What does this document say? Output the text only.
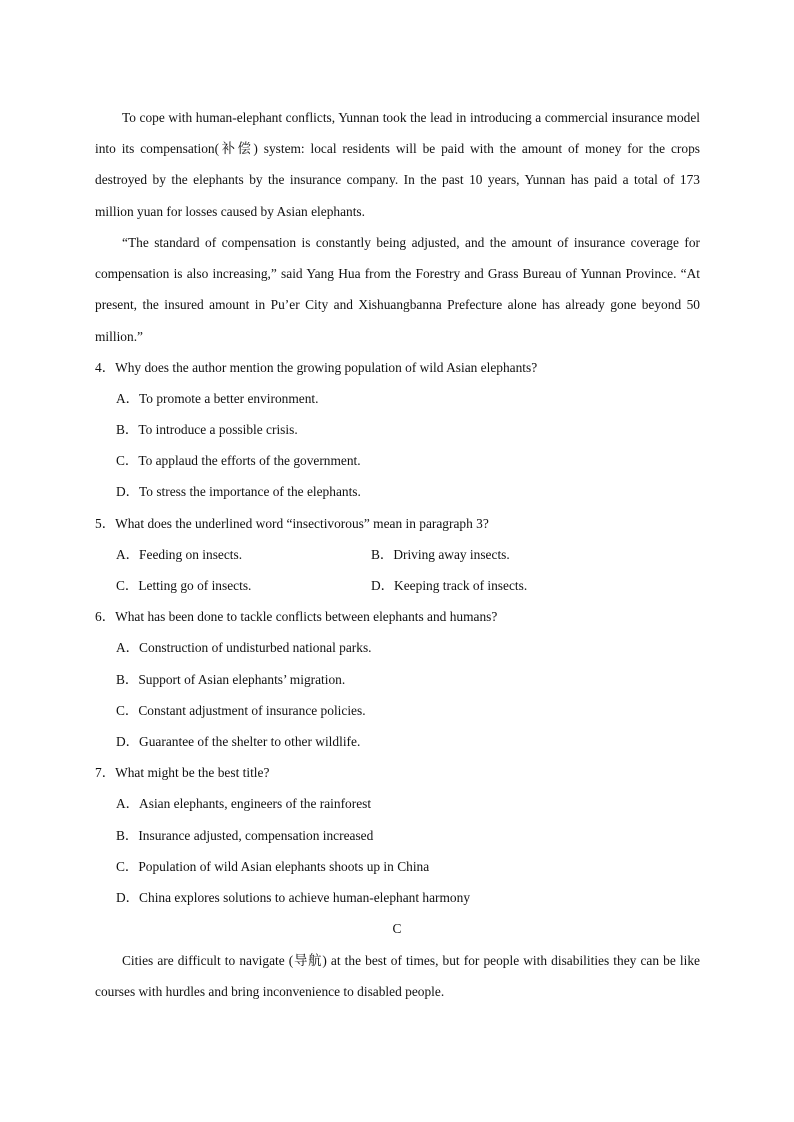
To cope with human-elephant conflicts, Yunnan took the lead in introducing a commercial insurance model into its compensation(补偿) system: local residents will be paid with the amount of money for the crops destroyed by the elephants by the insurance company. In the past 10 years, Yunnan has paid a total of 173 million yuan for losses caused by Asian elephants.

“The standard of compensation is constantly being adjusted, and the amount of insurance coverage for compensation is also increasing,” said Yang Hua from the Forestry and Grass Bureau of Yunnan Province. “At present, the insured amount in Pu’er City and Xishuangbanna Prefecture alone has already gone beyond 50 million.”

4．Why does the author mention the growing population of wild Asian elephants?
A．To promote a better environment.
B．To introduce a possible crisis.
C．To applaud the efforts of the government.
D．To stress the importance of the elephants.
5．What does the underlined word “insectivorous” mean in paragraph 3?
A．Feeding on insects.	B．Driving away insects.
C．Letting go of insects.	D．Keeping track of insects.
6．What has been done to tackle conflicts between elephants and humans?
A．Construction of undisturbed national parks.
B．Support of Asian elephants’ migration.
C．Constant adjustment of insurance policies.
D．Guarantee of the shelter to other wildlife.
7．What might be the best title?
A．Asian elephants, engineers of the rainforest
B．Insurance adjusted, compensation increased
C．Population of wild Asian elephants shoots up in China
D．China explores solutions to achieve human-elephant harmony
C

Cities are difficult to navigate (导航) at the best of times, but for people with disabilities they can be like courses with hurdles and bring inconvenience to disabled people.
